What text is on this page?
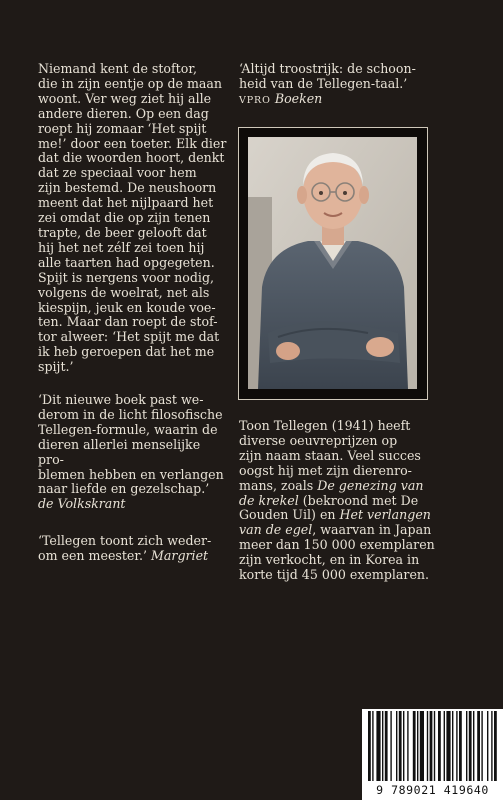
Niemand kent de stoftor,

die in zijn eentje op de maan

woont. Ver weg ziet hij alle

andere dieren. Op een dag

roept hij zomaar ‘Het spijt

me!’ door een toeter. Elk dier

dat die woorden hoort, denkt

dat ze speciaal voor hem

zijn bestemd. De neushoorn

meent dat het nijlpaard het

zei omdat die op zijn tenen

trapte, de beer gelooft dat

hij het net zélf zei toen hij

alle taarten had opgegeten.

Spijt is nergens voor nodig,

volgens de woelrat, net als

kiespijn, jeuk en koude voe-

ten. Maar dan roept de stof-

tor alweer: ‘Het spijt me dat

ik heb geroepen dat het me

spijt.’

‘Dit nieuwe boek past we-

derom in de licht filosofische

Tellegen-formule, waarin de

dieren allerlei menselijke pro-

blemen hebben en verlangen

naar liefde en gezelschap.’

de Volkskrant

‘Tellegen toont zich weder-

om een meester.’ Margriet

‘Altijd troostrijk: de schoon-

heid van de Tellegen-taal.’

VPRO Boeken

Toon Tellegen (1941) heeft

diverse oeuvreprijzen op

zijn naam staan. Veel succes

oogst hij met zijn dierenro-

mans, zoals De genezing van

de krekel (bekroond met De

Gouden Uil) en Het verlangen

van de egel, waarvan in Japan

meer dan 150 000 exemplaren

zijn verkocht, en in Korea in

korte tijd 45 000 exemplaren.

9 789021 419640
